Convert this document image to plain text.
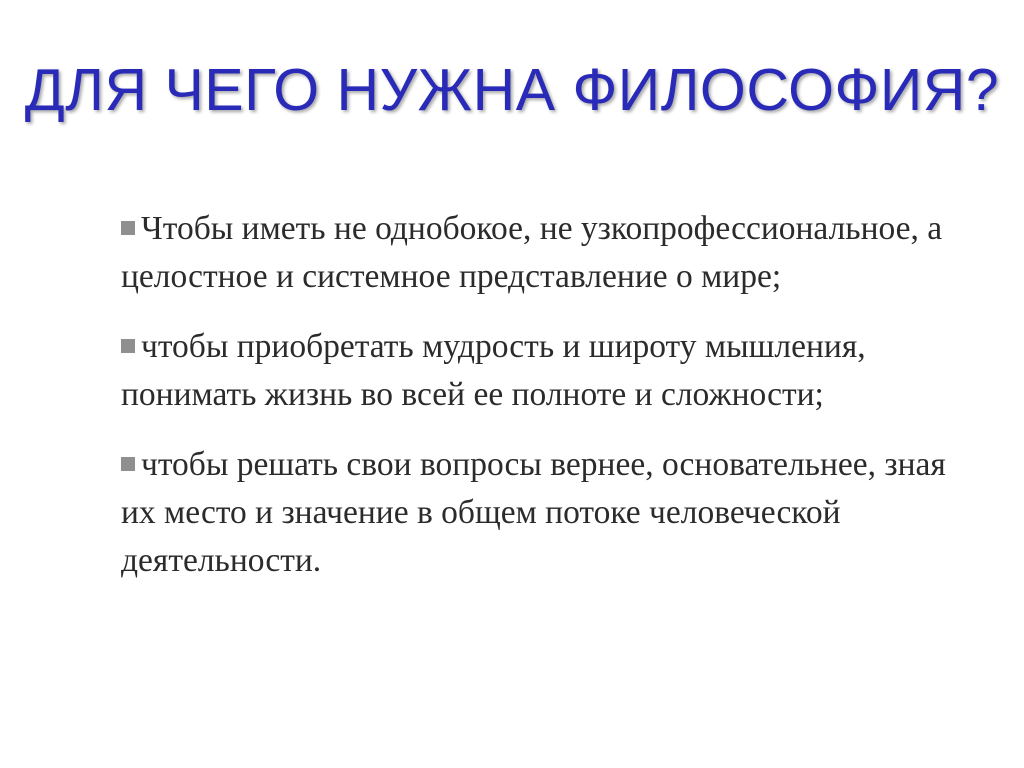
ДЛЯ ЧЕГО НУЖНА ФИЛОСОФИЯ?
Чтобы иметь не однобокое, не узкопрофессиональное, а целостное и системное представление о мире;
чтобы приобретать мудрость и широту мышления, понимать жизнь во всей ее полноте и сложности;
чтобы решать свои вопросы вернее, основательнее, зная их место и значение в общем потоке человеческой деятельности.
